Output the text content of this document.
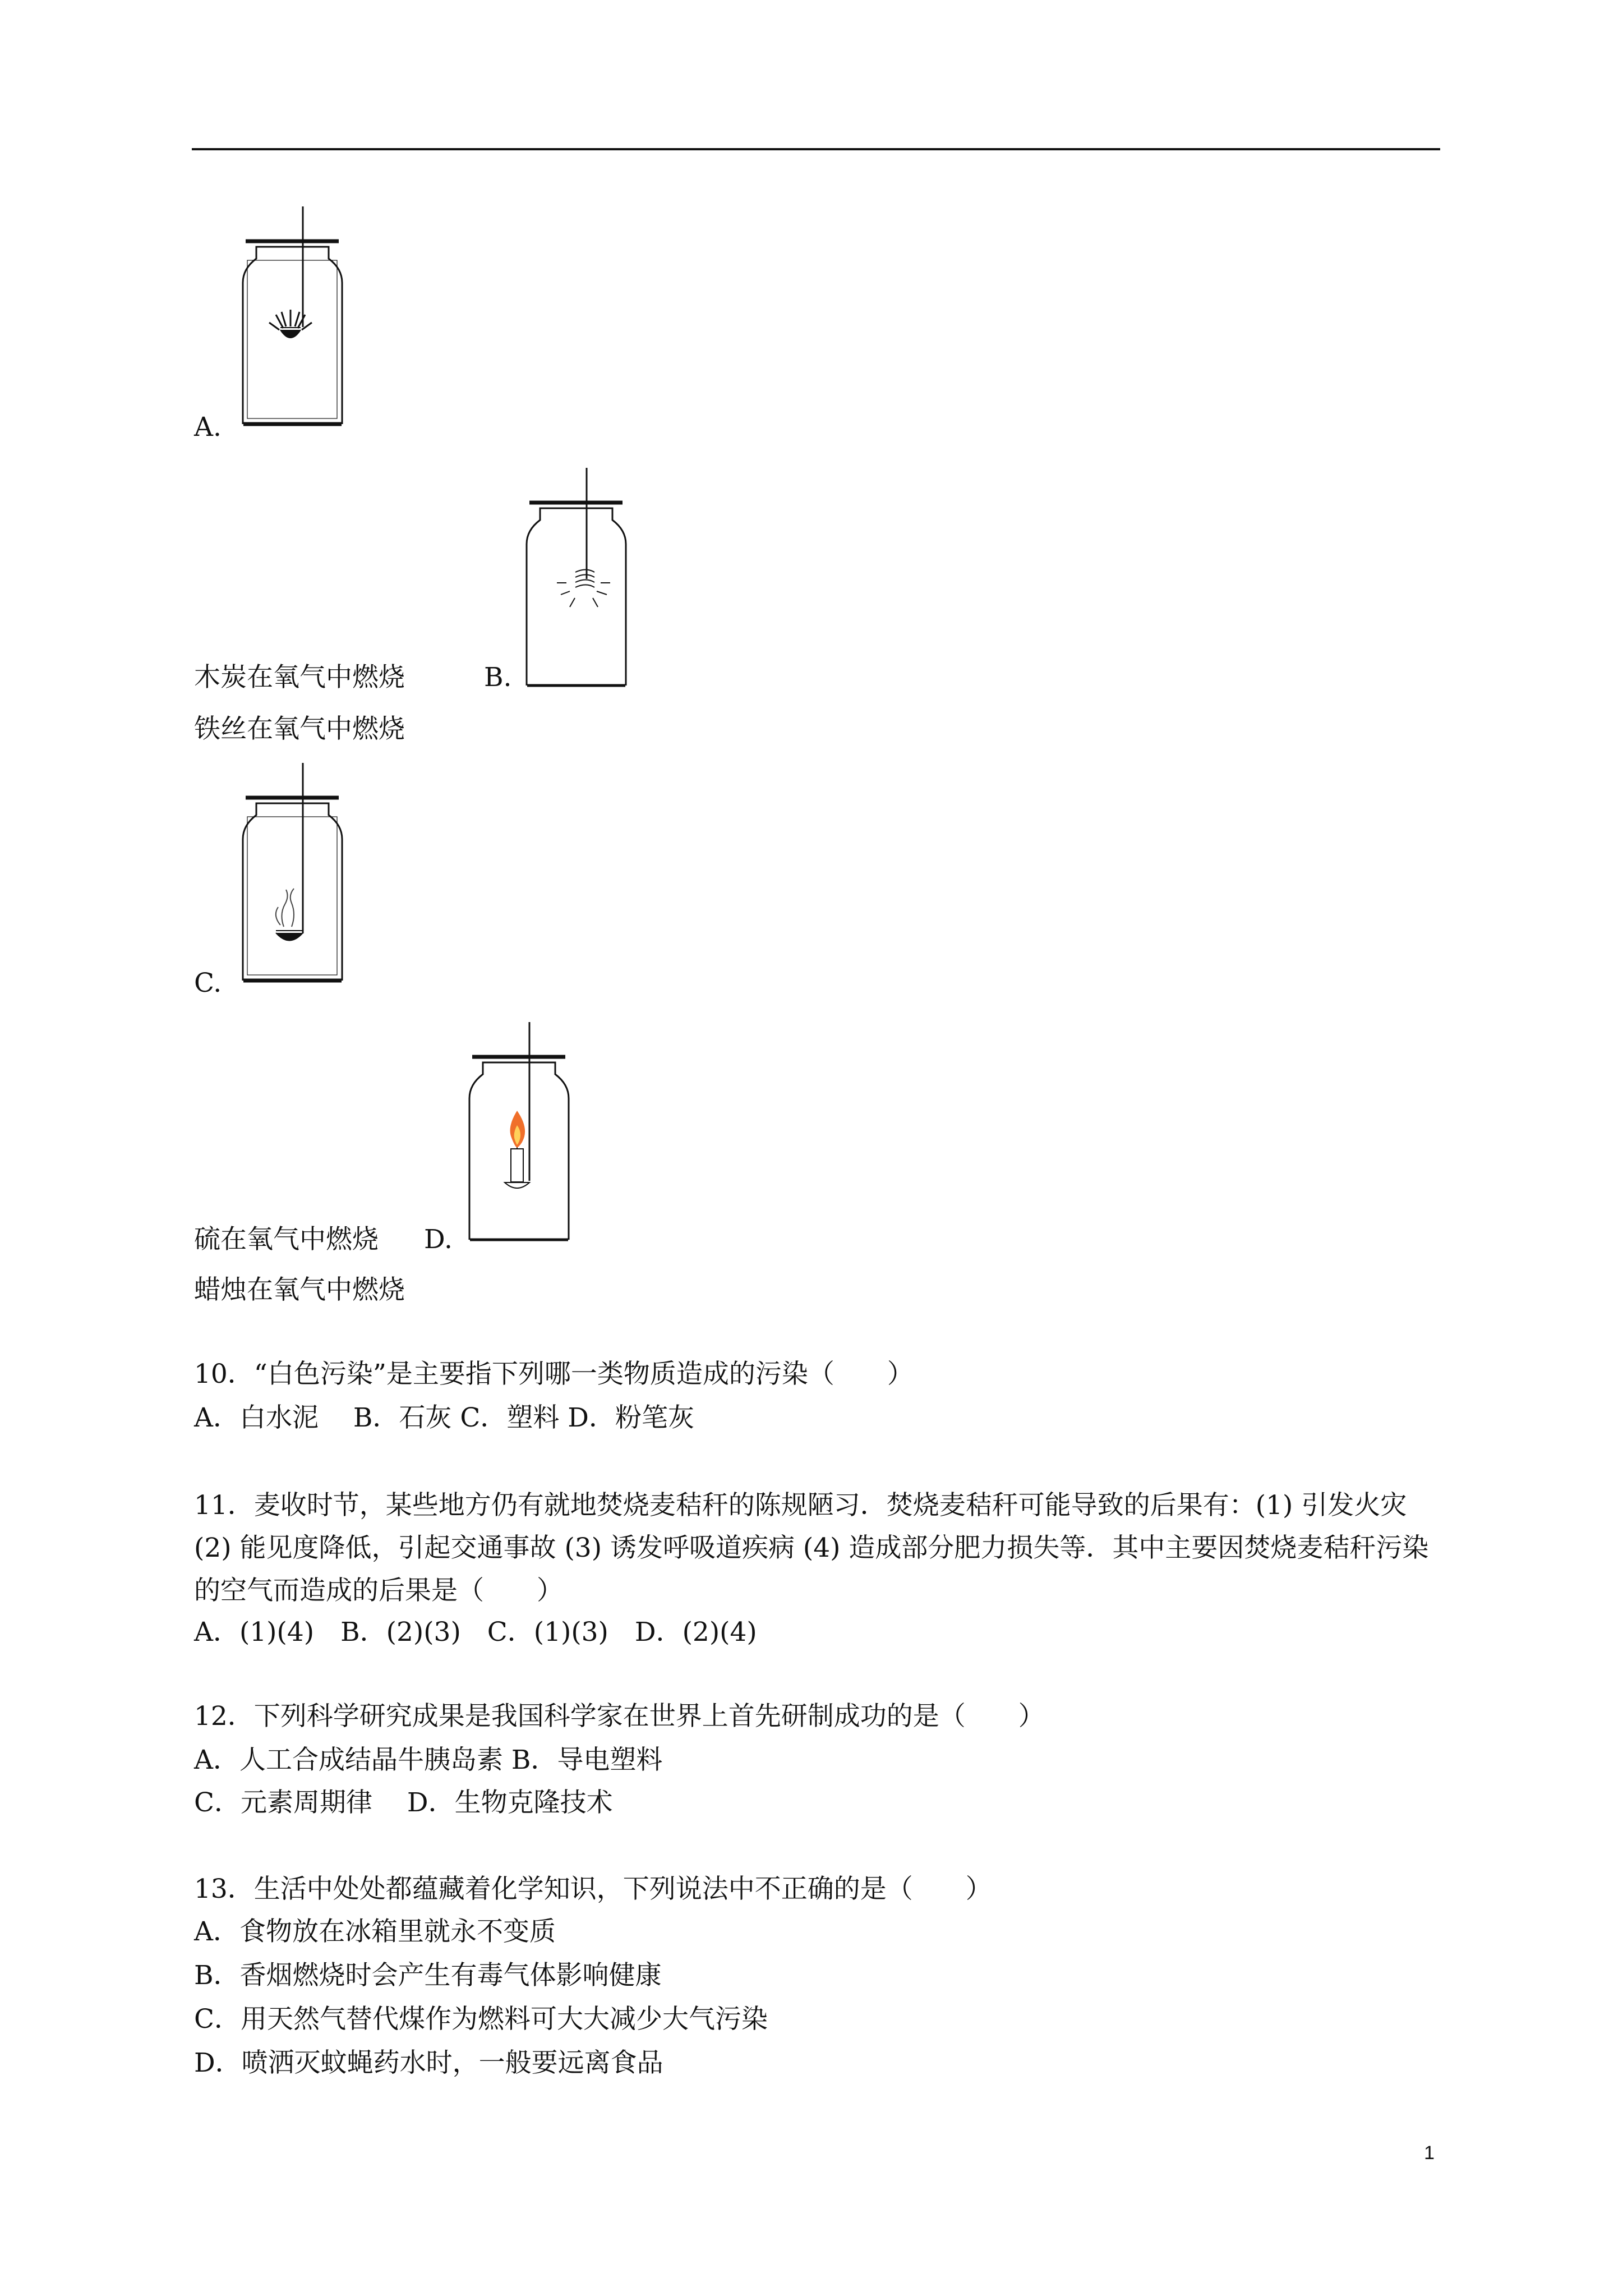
A.
木炭在氧气中燃烧	B.
铁丝在氧气中燃烧
C.
硫在氧气中燃烧 D.
蜡烛在氧气中燃烧
10．“白色污染”是主要指下列哪一类物质造成的污染（　　）
A．白水泥　 B．石灰 C．塑料 D．粉笔灰
11．麦收时节，某些地方仍有就地焚烧麦秸秆的陈规陋习．焚烧麦秸秆可能导致的后果有：(1) 引发火灾 (2) 能见度降低，引起交通事故 (3) 诱发呼吸道疾病 (4) 造成部分肥力损失等．其中主要因焚烧麦秸秆污染的空气而造成的后果是（　　）
A．(1)(4)　B．(2)(3)　C．(1)(3)　D．(2)(4)
12．下列科学研究成果是我国科学家在世界上首先研制成功的是（　　）
A．人工合成结晶牛胰岛素 B．导电塑料
C．元素周期律　 D．生物克隆技术
13．生活中处处都蕴藏着化学知识，下列说法中不正确的是（　　）
A．食物放在冰箱里就永不变质
B．香烟燃烧时会产生有毒气体影响健康
C．用天然气替代煤作为燃料可大大减少大气污染
D．喷洒灭蚊蝇药水时，一般要远离食品
1
